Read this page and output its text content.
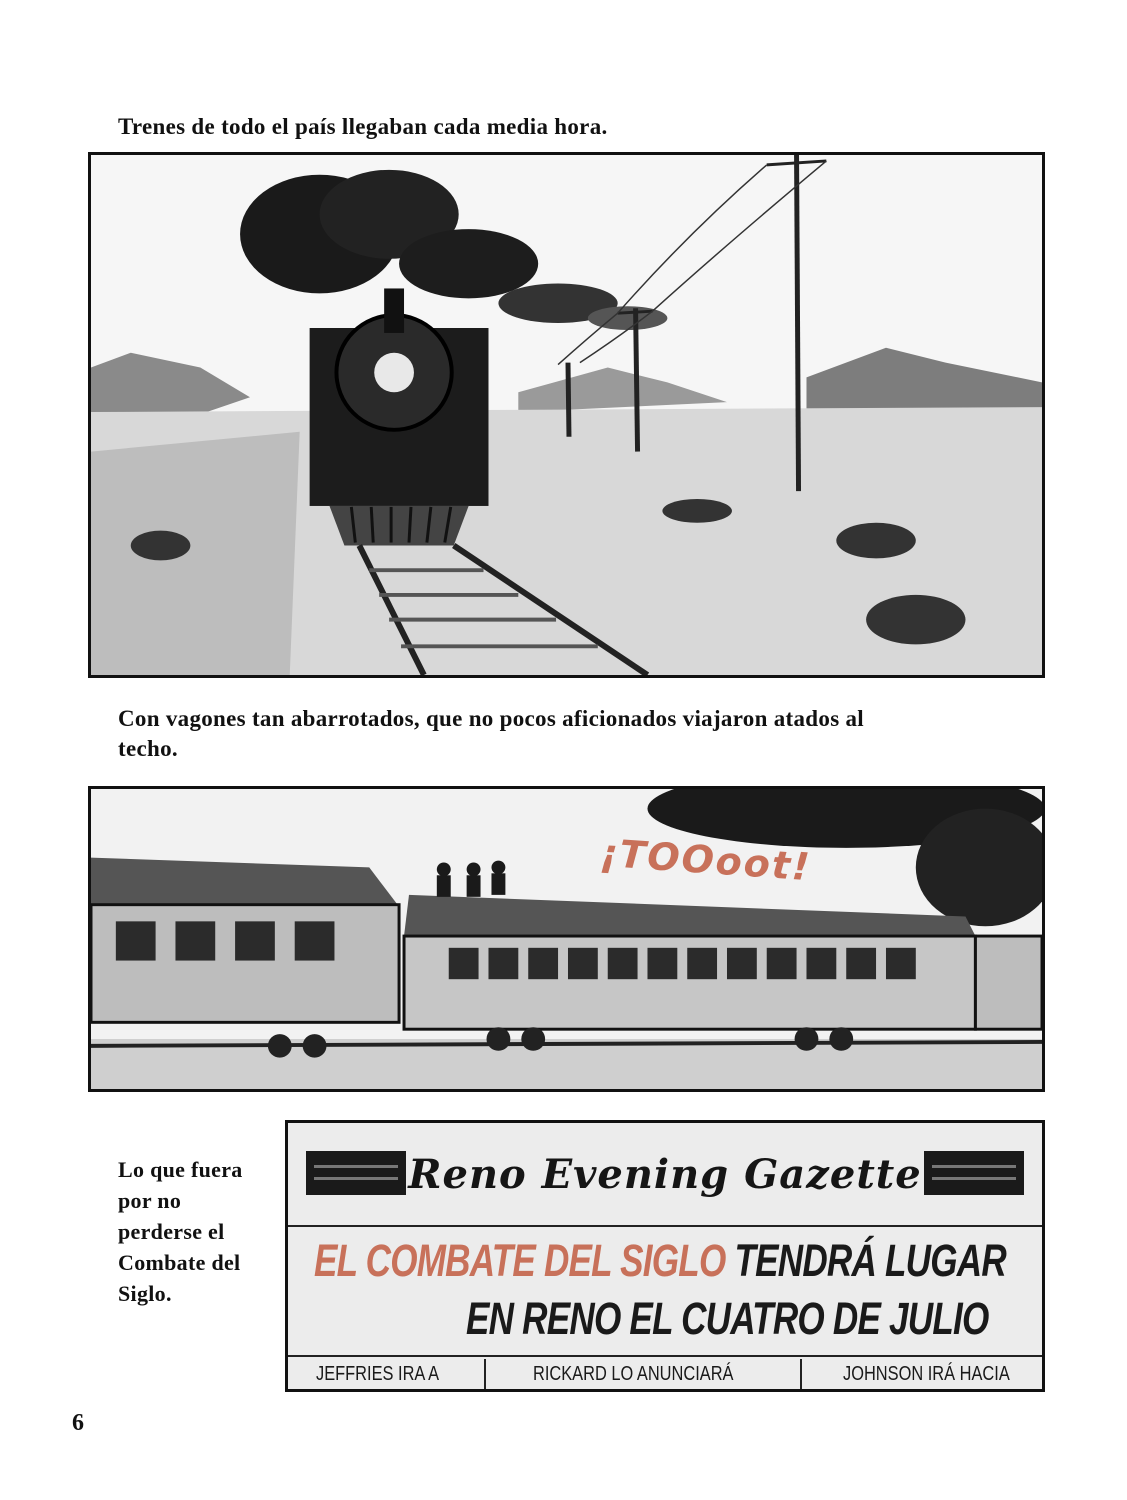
Trenes de todo el país llegaban cada media hora.
Con vagones tan abarrotados, que no pocos aficionados viajaron atados al techo.
¡TOOoot!
Lo que fuera por no perderse el Combate del Siglo.
Reno Evening Gazette
EL COMBATE DEL SIGLO TENDRÁ LUGAR
EN RENO EL CUATRO DE JULIO
JEFFRIES IRA A	RICKARD LO ANUNCIARÁ	JOHNSON IRÁ HACIA
6
